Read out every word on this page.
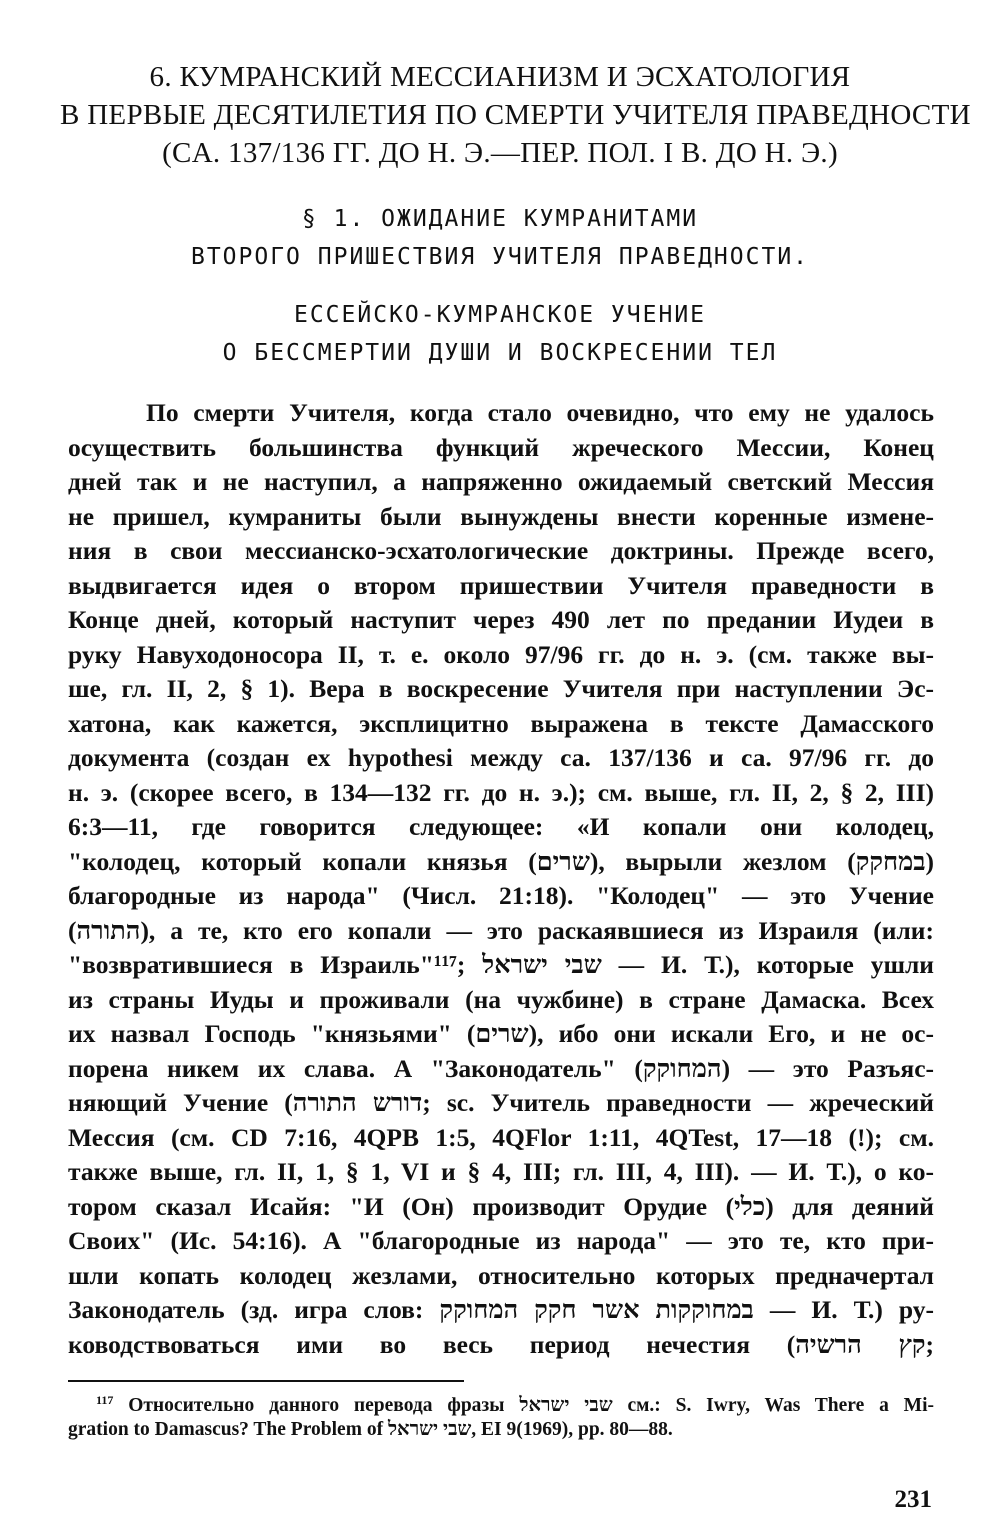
6. КУМРАНСКИЙ МЕССИАНИЗМ И ЭСХАТОЛОГИЯ
В ПЕРВЫЕ ДЕСЯТИЛЕТИЯ ПО СМЕРТИ УЧИТЕЛЯ ПРАВЕДНОСТИ
(CA. 137/136 ГГ. ДО Н. Э.—ПЕР. ПОЛ. I В. ДО Н. Э.)
§ 1. ОЖИДАНИЕ КУМРАНИТАМИ
ВТОРОГО ПРИШЕСТВИЯ УЧИТЕЛЯ ПРАВЕДНОСТИ.
ЕССЕЙСКО-КУМРАНСКОЕ УЧЕНИЕ
О БЕССМЕРТИИ ДУШИ И ВОСКРЕСЕНИИ ТЕЛ
По смерти Учителя, когда стало очевидно, что ему не удалось
осуществить большинства функций жреческого Мессии, Конец
дней так и не наступил, а напряженно ожидаемый светский Мессия
не пришел, кумраниты были вынуждены внести коренные измене-
ния в свои мессианско-эсхатологические доктрины. Прежде всего,
выдвигается идея о втором пришествии Учителя праведности в
Конце дней, который наступит через 490 лет по предании Иудеи в
руку Навуходоносора II, т. е. около 97/96 гг. до н. э. (см. также вы-
ше, гл. II, 2, § 1). Вера в воскресение Учителя при наступлении Эс-
хатона, как кажется, эксплицитно выражена в тексте Дамасского
документа (создан ex hypothesi между са. 137/136 и са. 97/96 гг. до
н. э. (скорее всего, в 134—132 гг. до н. э.); см. выше, гл. II, 2, § 2, III)
6:3—11, где говорится следующее: «И копали они колодец,
"колодец, который копали князья (שרים), вырыли жезлом (במחקק)
благородные из народа" (Числ. 21:18). "Колодец" — это Учение
(התורה), а те, кто его копали — это раскаявшиеся из Израиля (или:
"возвратившиеся в Израиль"¹¹⁷; שבי ישראל — И. Т.), которые ушли
из страны Иуды и проживали (на чужбине) в стране Дамаска. Всех
их назвал Господь "князьями" (שרים), ибо они искали Его, и не ос-
порена никем их слава. А "Законодатель" (המחוקק) — это Разъяс-
няющий Учение (דורש התורה; sc. Учитель праведности — жреческий
Мессия (см. CD 7:16, 4QPB 1:5, 4QFlor 1:11, 4QTest, 17—18 (!); см.
также выше, гл. II, 1, § 1, VI и § 4, III; гл. III, 4, III). — И. Т.), о ко-
тором сказал Исайя: "И (Он) производит Орудие (כלי) для деяний
Своих" (Ис. 54:16). А "благородные из народа" — это те, кто при-
шли копать колодец жезлами, относительно которых предначертал
Законодатель (зд. игра слов: במחוקקות אשר חקק המחוקק — И. Т.) ру-
ководствоваться ими во весь период нечестия (קץ הרשיה;
$^{117}$ Относительно данного перевода фразы שבי ישראל см.: S. Iwry, Was There a Mi-
gration to Damascus? The Problem of שבי ישראל, EI 9(1969), pp. 80—88.
231
